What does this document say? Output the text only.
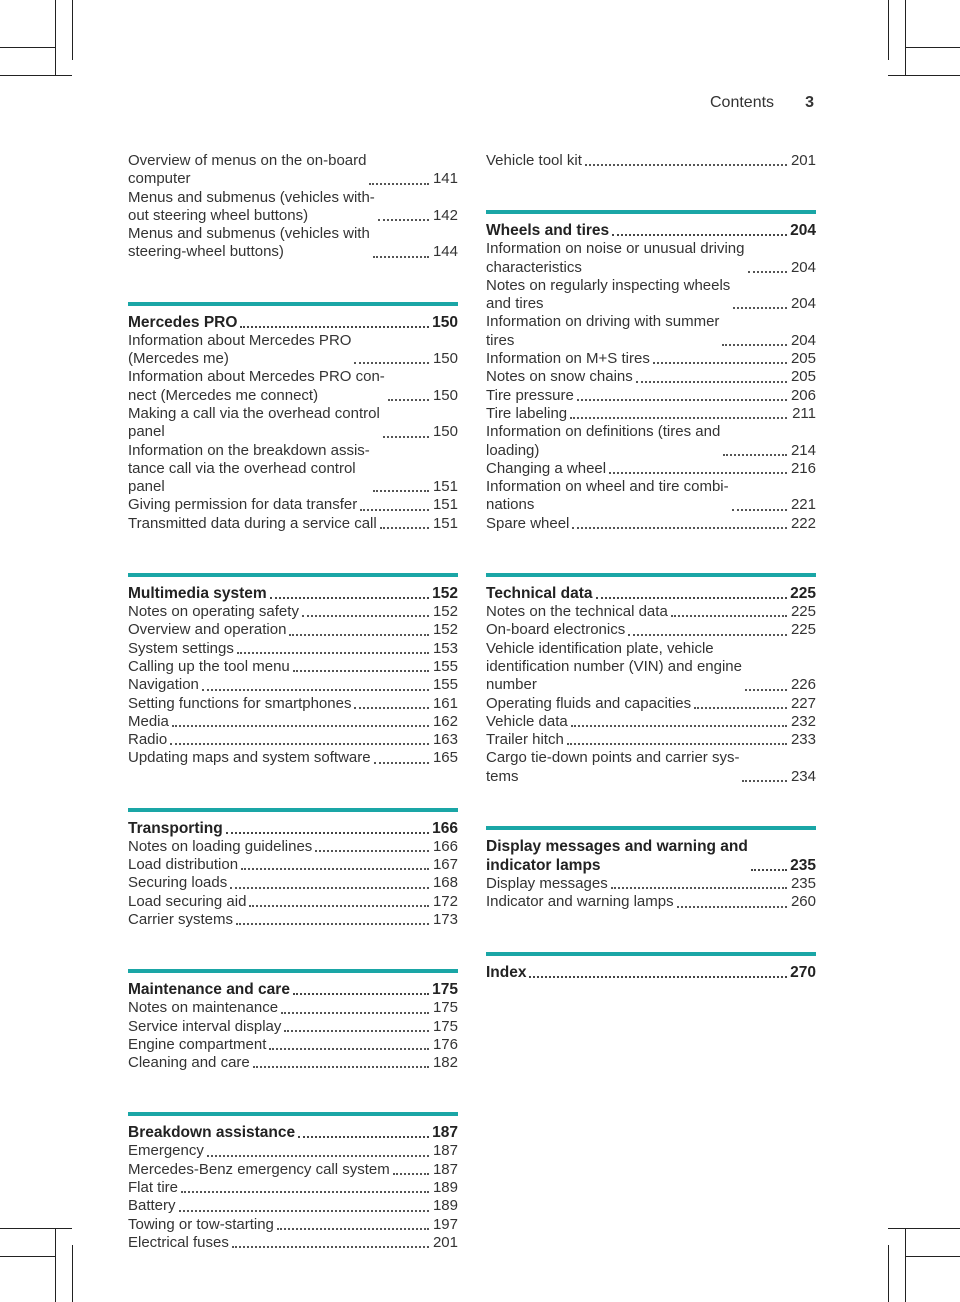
Contents 3
Overview of menus on the on-board
computer	141
Menus and submenus (vehicles with-
out steering wheel buttons)	142
Menus and submenus (vehicles with
steering-wheel buttons)	144
Mercedes PRO	150
Information about Mercedes PRO
(Mercedes me)	150
Information about Mercedes PRO con-
nect (Mercedes me connect)	150
Making a call via the overhead control
panel	150
Information on the breakdown assis-
tance call via the overhead control
panel	151
Giving permission for data transfer	151
Transmitted data during a service call	151
Multimedia system	152
Notes on operating safety	152
Overview and operation	152
System settings	153
Calling up the tool menu	155
Navigation	155
Setting functions for smartphones	161
Media	162
Radio	163
Updating maps and system software	165
Transporting	166
Notes on loading guidelines	166
Load distribution	167
Securing loads	168
Load securing aid	172
Carrier systems	173
Maintenance and care	175
Notes on maintenance	175
Service interval display	175
Engine compartment	176
Cleaning and care	182
Breakdown assistance	187
Emergency	187
Mercedes-Benz emergency call system	187
Flat tire	189
Battery	189
Towing or tow-starting	197
Electrical fuses	201
Vehicle tool kit	201
Wheels and tires	204
Information on noise or unusual driving
characteristics	204
Notes on regularly inspecting wheels
and tires	204
Information on driving with summer
tires	204
Information on M+S tires	205
Notes on snow chains	205
Tire pressure	206
Tire labeling	211
Information on definitions (tires and
loading)	214
Changing a wheel	216
Information on wheel and tire combi-
nations	221
Spare wheel	222
Technical data	225
Notes on the technical data	225
On-board electronics	225
Vehicle identification plate, vehicle
identification number (VIN) and engine
number	226
Operating fluids and capacities	227
Vehicle data	232
Trailer hitch	233
Cargo tie-down points and carrier sys-
tems	234
Display messages and warning and
indicator lamps	235
Display messages	235
Indicator and warning lamps	260
Index	270
